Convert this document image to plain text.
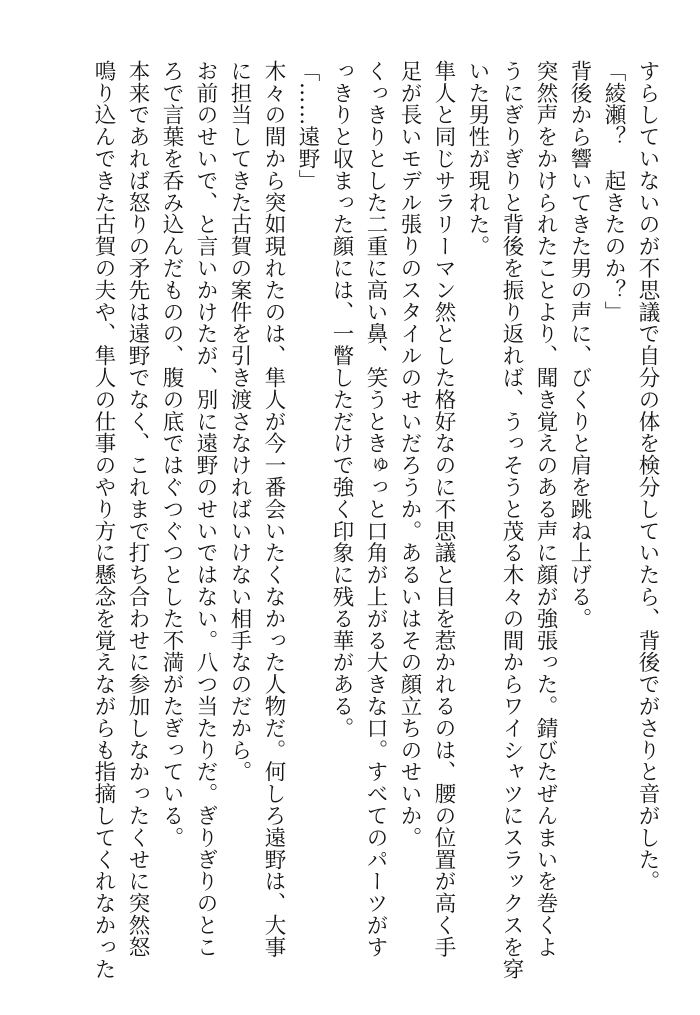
すらしていないのが不思議で自分の体を検分していたら、背後でがさりと音がした。
「綾瀬？　起きたのか？」
背後から響いてきた男の声に、びくりと肩を跳ね上げる。
突然声をかけられたことより、聞き覚えのある声に顔が強張った。錆びたぜんまいを巻くよ
うにぎりぎりと背後を振り返れば、うっそうと茂る木々の間からワイシャツにスラックスを穿
いた男性が現れた。
隼人と同じサラリーマン然とした格好なのに不思議と目を惹かれるのは、腰の位置が高く手
足が長いモデル張りのスタイルのせいだろうか。あるいはその顔立ちのせいか。
くっきりとした二重に高い鼻、笑うときゅっと口角が上がる大きな口。すべてのパーツがす
っきりと収まった顔には、一瞥しただけで強く印象に残る華がある。
「……遠野」
木々の間から突如現れたのは、隼人が今一番会いたくなかった人物だ。何しろ遠野は、大事
に担当してきた古賀の案件を引き渡さなければいけない相手なのだから。
お前のせいで、と言いかけたが、別に遠野のせいではない。八つ当たりだ。ぎりぎりのとこ
ろで言葉を呑み込んだものの、腹の底ではぐつぐつとした不満がたぎっている。
本来であれば怒りの矛先は遠野でなく、これまで打ち合わせに参加しなかったくせに突然怒
鳴り込んできた古賀の夫や、隼人の仕事のやり方に懸念を覚えながらも指摘してくれなかった
